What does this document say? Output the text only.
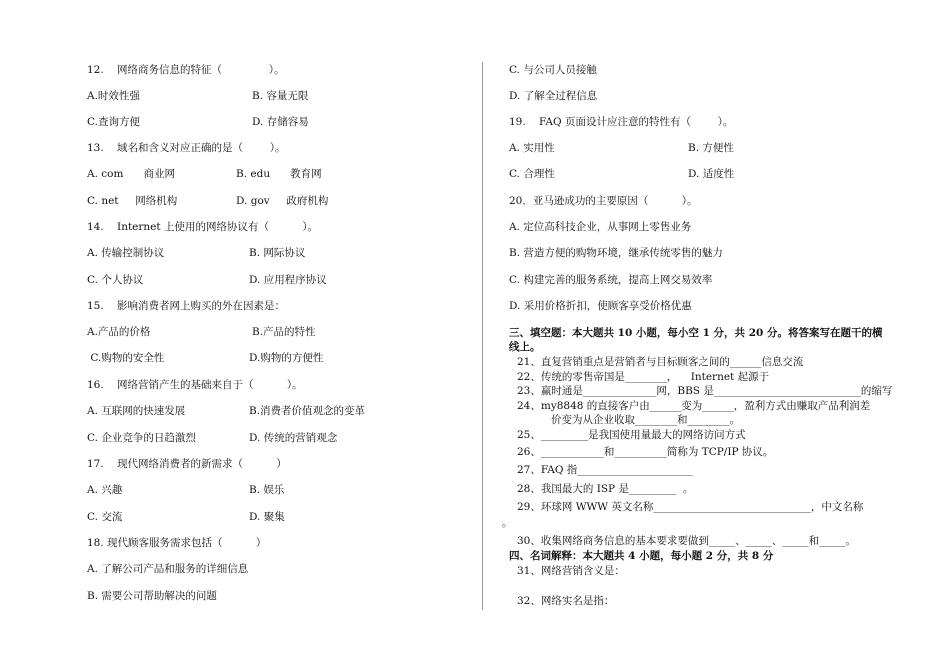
12.    网络商务信息的特征（              ）。
A.时效性强	B. 容量无限
C.查询方便	D. 存储容易
13.    域名和含义对应正确的是（        ）。
A. com      商业网	B. edu      教育网
C. net     网络机构	D. gov     政府机构
14.    Internet 上使用的网络协议有（          ）。
A. 传输控制协议	B. 网际协议
C. 个人协议	D. 应用程序协议
15.    影响消费者网上购买的外在因素是：
A.产品的价格	B.产品的特性
C.购物的安全性	D.购物的方便性
16.    网络营销产生的基础来自于（          ）。
A. 互联网的快速发展	B.消费者价值观念的变革
C. 企业竞争的日趋激烈	D. 传统的营销观念
17.    现代网络消费者的新需求（          ）
A. 兴趣	B. 娱乐
C. 交流	D. 聚集
18. 现代顾客服务需求包括（          ）
A. 了解公司产品和服务的详细信息
B. 需要公司帮助解决的问题
C. 与公司人员接触
D. 了解全过程信息
19.    FAQ 页面设计应注意的特性有（        ）。
A. 实用性	B. 方便性
C. 合理性	D. 适度性
20．亚马逊成功的主要原因（          ）。
A. 定位高科技企业，从事网上零售业务
B. 营造方便的购物环境，继承传统零售的魅力
C. 构建完善的服务系统，提高上网交易效率
D. 采用价格折扣，使顾客享受价格优惠
三、填空题：本大题共 10 小题，每小空 1 分，共 20 分。将答案写在题干的横
线上。
21、直复营销重点是营销者与目标顾客之间的______信息交流
22、传统的零售帝国是________，    Internet 起源于
23、赢时通是______________网，BBS 是____________________________的缩写
24、my8848 的直接客户由______变为______，盈利方式由赚取产品利润差
价变为从企业收取________和________。
25、_________是我国使用量最大的网络访问方式
26、____________和__________简称为 TCP/IP 协议。
27、FAQ 指______________________
28、我国最大的 ISP 是_________  。
29、环球网 WWW 英文名称______________________________，中文名称
。
30、收集网络商务信息的基本要求要做到_____、_____、_____和_____。
四、名词解释：本大题共 4 小题，每小题 2 分，共 8 分
31、网络营销含义是：
32、网络实名是指：
